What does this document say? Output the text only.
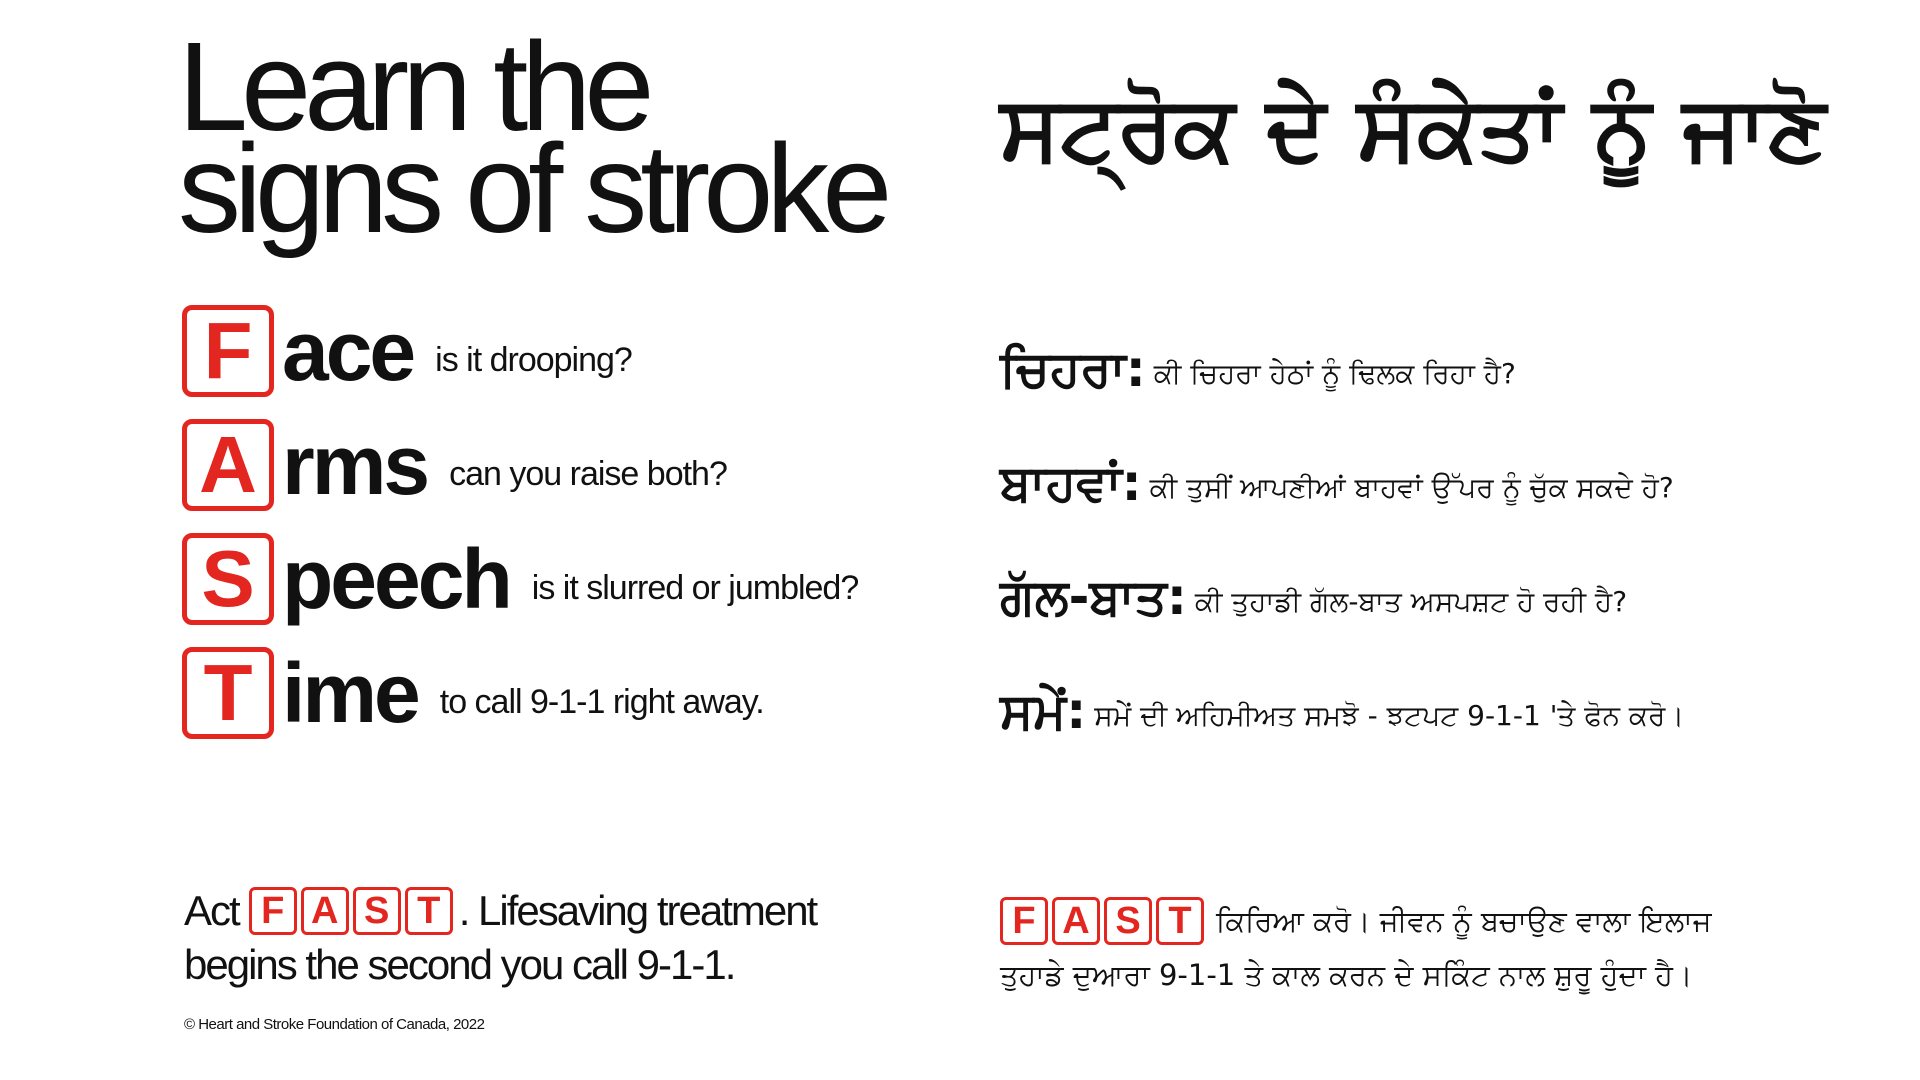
Learn the
signs of stroke	ਸਟ੍ਰੋਕ ਦੇ ਸੰਕੇਤਾਂ ਨੂੰ ਜਾਣੋ
F ace is it drooping?
A rms can you raise both?
S peech is it slurred or jumbled?
T ime to call 9-1-1 right away.
ਚਿਹਰਾ: ਕੀ ਚਿਹਰਾ ਹੇਠਾਂ ਨੂੰ ਢਿਲਕ ਰਿਹਾ ਹੈ?
ਬਾਹਵਾਂ: ਕੀ ਤੁਸੀਂ ਆਪਣੀਆਂ ਬਾਹਵਾਂ ਉੱਪਰ ਨੂੰ ਚੁੱਕ ਸਕਦੇ ਹੋ?
ਗੱਲ-ਬਾਤ: ਕੀ ਤੁਹਾਡੀ ਗੱਲ-ਬਾਤ ਅਸਪਸ਼ਟ ਹੋ ਰਹੀ ਹੈ?
ਸਮੇਂ: ਸਮੇਂ ਦੀ ਅਹਿਮੀਅਤ ਸਮਝੋ - ਝਟਪਟ 9-1-1 'ਤੇ ਫੋਨ ਕਰੋ।
Act F A S T . Lifesaving treatment
begins the second you call 9-1-1.
F A S T ਕਿਰਿਆ ਕਰੋ। ਜੀਵਨ ਨੂੰ ਬਚਾਉਣ ਵਾਲਾ ਇਲਾਜ
ਤੁਹਾਡੇ ਦੁਆਰਾ 9-1-1 ਤੇ ਕਾਲ ਕਰਨ ਦੇ ਸਕਿੰਟ ਨਾਲ ਸ਼ੁਰੂ ਹੁੰਦਾ ਹੈ।
© Heart and Stroke Foundation of Canada, 2022
